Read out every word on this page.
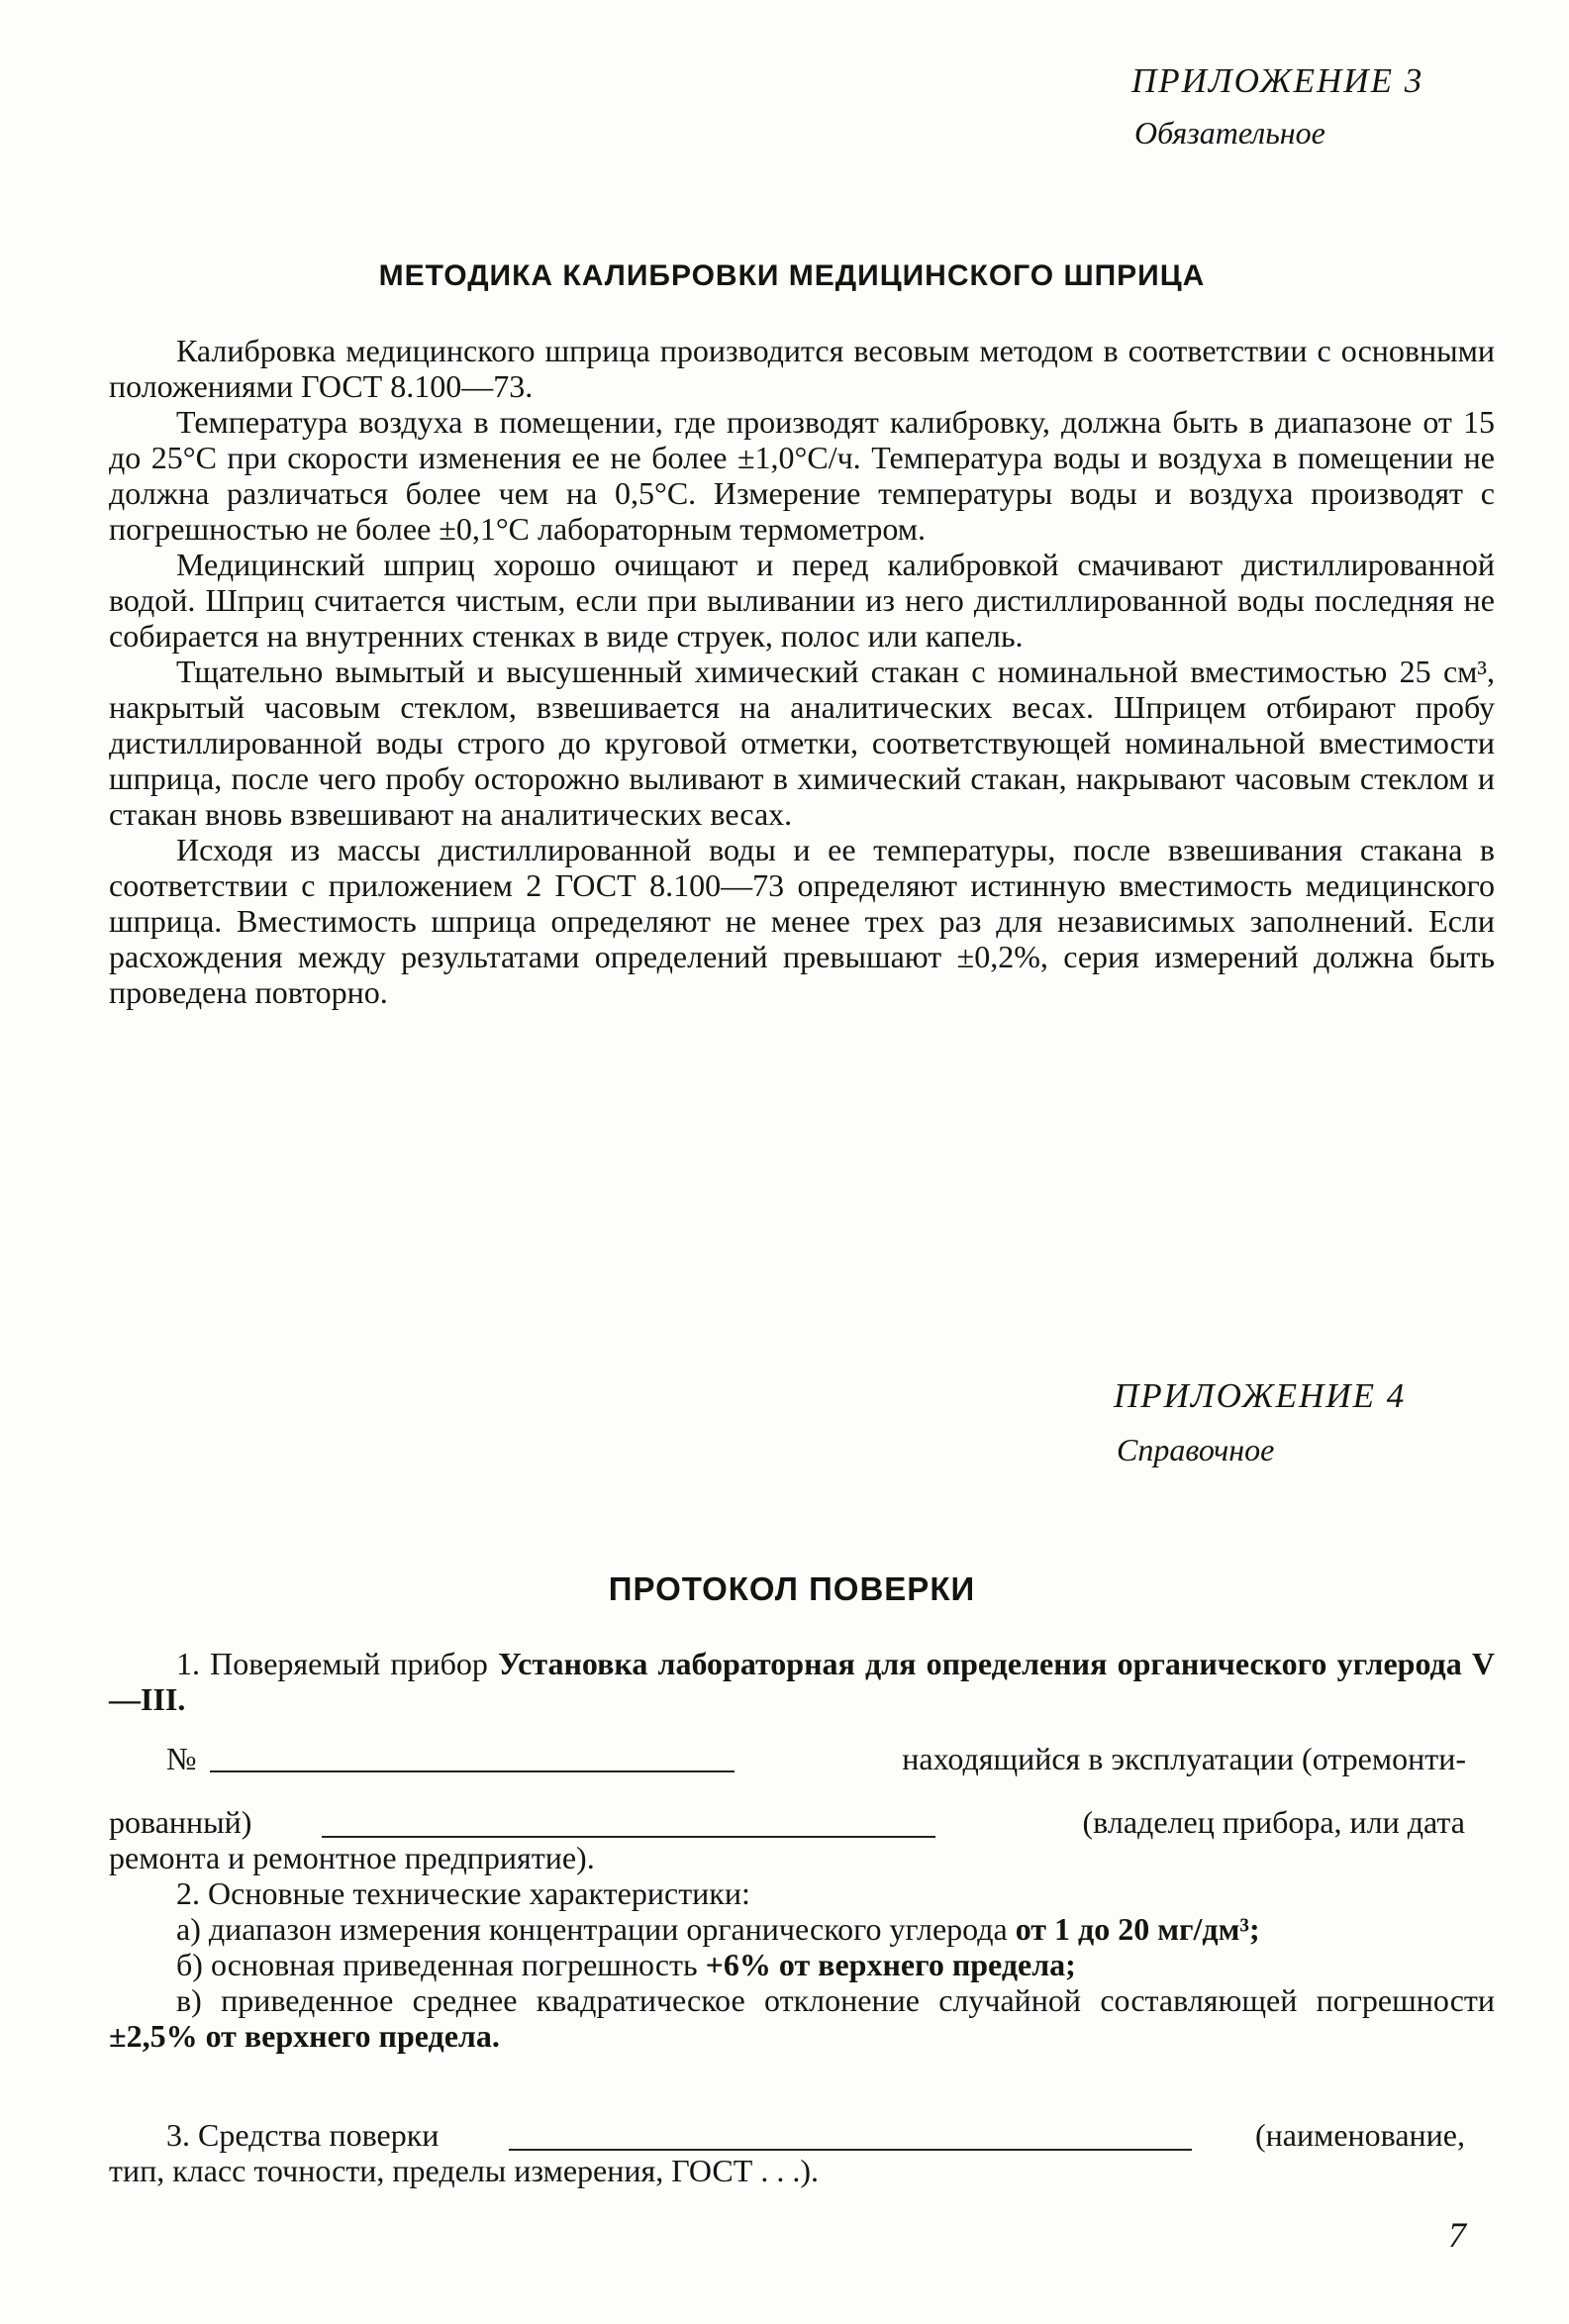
ПРИЛОЖЕНИЕ 3
Обязательное
МЕТОДИКА КАЛИБРОВКИ МЕДИЦИНСКОГО ШПРИЦА

Калибровка медицинского шприца производится весовым методом в соответствии с основными положениями ГОСТ 8.100—73.

Температура воздуха в помещении, где производят калибровку, должна быть в диапазоне от 15 до 25°С при скорости изменения ее не более ±1,0°С/ч. Температура воды и воздуха в помещении не должна различаться более чем на 0,5°С. Измерение температуры воды и воздуха производят с погрешностью не более ±0,1°С лабораторным термометром.

Медицинский шприц хорошо очищают и перед калибровкой смачивают дистиллированной водой. Шприц считается чистым, если при выливании из него дистиллированной воды последняя не собирается на внутренних стенках в виде струек, полос или капель.

Тщательно вымытый и высушенный химический стакан с номинальной вместимостью 25 см³, накрытый часовым стеклом, взвешивается на аналитических весах. Шприцем отбирают пробу дистиллированной воды строго до круговой отметки, соответствующей номинальной вместимости шприца, после чего пробу осторожно выливают в химический стакан, накрывают часовым стеклом и стакан вновь взвешивают на аналитических весах.

Исходя из массы дистиллированной воды и ее температуры, после взвешивания стакана в соответствии с приложением 2 ГОСТ 8.100—73 определяют истинную вместимость медицинского шприца. Вместимость шприца определяют не менее трех раз для независимых заполнений. Если расхождения между результатами определений превышают ±0,2%, серия измерений должна быть проведена повторно.

ПРИЛОЖЕНИЕ 4
Справочное
ПРОТОКОЛ ПОВЕРКИ

1. Поверяемый прибор Установка лабораторная для определения органического углерода V—III.

№	находящийся в эксплуатации (отремонти-
рованный)	(владелец прибора, или дата
ремонта и ремонтное предприятие).

2. Основные технические характеристики:

а) диапазон измерения концентрации органического углерода от 1 до 20 мг/дм³;

б) основная приведенная погрешность +6% от верхнего предела;

в) приведенное среднее квадратическое отклонение случайной составляющей погрешности ±2,5% от верхнего предела.

3. Средства поверки	(наименование,
тип, класс точности, пределы измерения, ГОСТ . . .).
7
